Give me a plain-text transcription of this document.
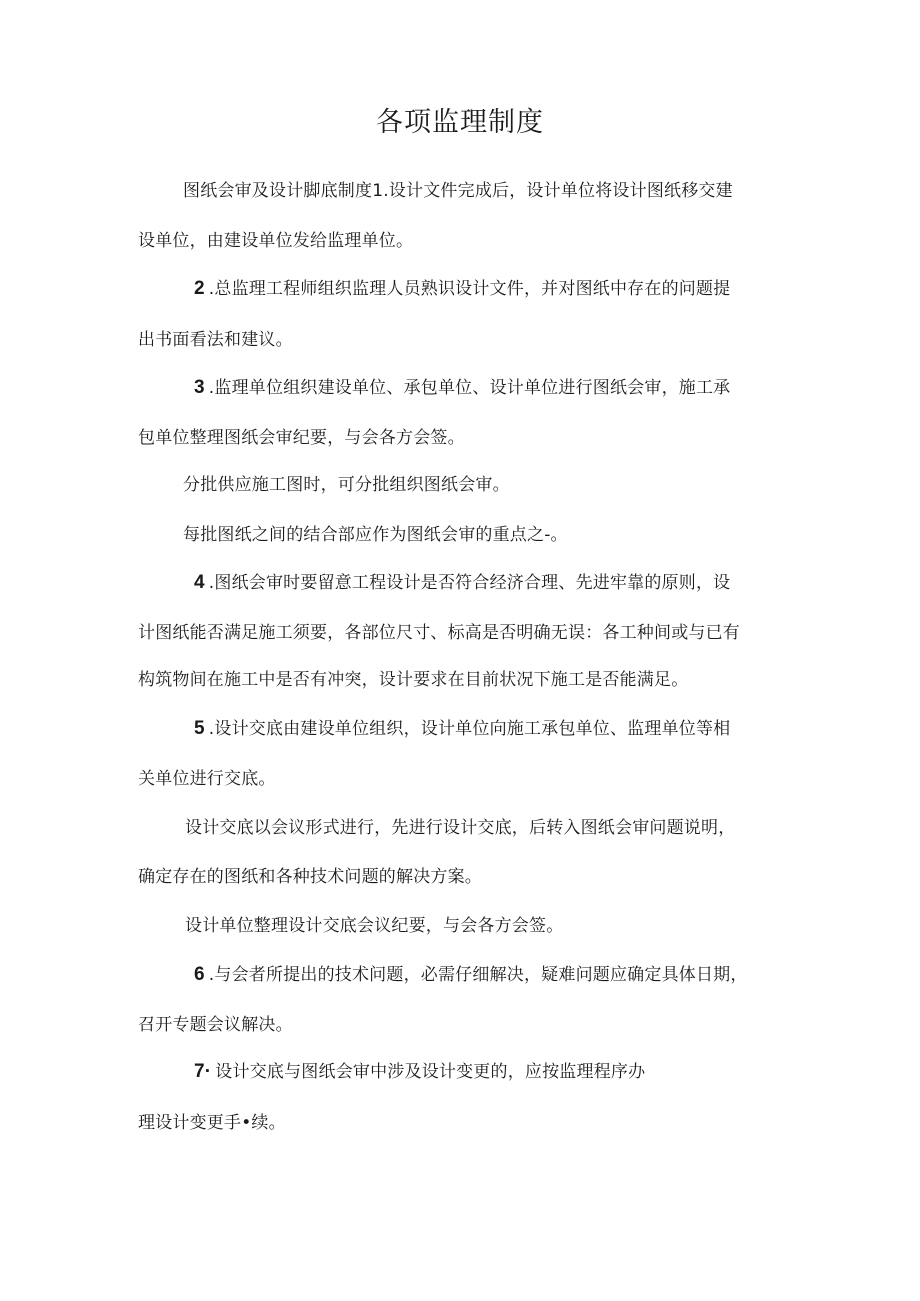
各项监理制度
图纸会审及设计脚底制度1.设计文件完成后，设计单位将设计图纸移交建
设单位，由建设单位发给监理单位。
2 .总监理工程师组织监理人员熟识设计文件，并对图纸中存在的问题提
出书面看法和建议。
3 .监理单位组织建设单位、承包单位、设计单位进行图纸会审，施工承
包单位整理图纸会审纪要，与会各方会签。
分批供应施工图时，可分批组织图纸会审。
每批图纸之间的结合部应作为图纸会审的重点之-。
4 .图纸会审时要留意工程设计是否符合经济合理、先进牢靠的原则，设
计图纸能否满足施工须要，各部位尺寸、标高是否明确无误：各工种间或与已有
构筑物间在施工中是否有冲突，设计要求在目前状况下施工是否能满足。
5 .设计交底由建设单位组织，设计单位向施工承包单位、监理单位等相
关单位进行交底。
设计交底以会议形式进行，先进行设计交底，后转入图纸会审问题说明，
确定存在的图纸和各种技术问题的解决方案。
设计单位整理设计交底会议纪要，与会各方会签。
6 .与会者所提出的技术问题，必需仔细解决，疑难问题应确定具体日期，
召开专题会议解决。
7· 设计交底与图纸会审中涉及设计变更的，应按监理程序办
理设计变更手•续。
